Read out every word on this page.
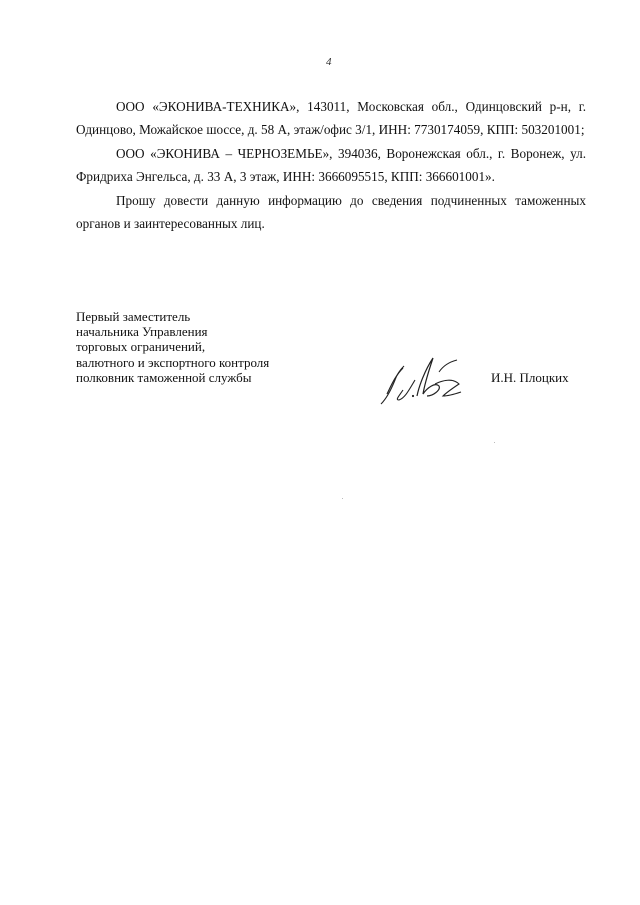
4

ООО «ЭКОНИВА-ТЕХНИКА», 143011, Московская обл., Одинцовский р-н, г. Одинцово, Можайское шоссе, д. 58 А, этаж/офис 3/1, ИНН: 7730174059, КПП: 503201001;

ООО «ЭКОНИВА – ЧЕРНОЗЕМЬЕ», 394036, Воронежская обл., г. Воронеж, ул. Фридриха Энгельса, д. 33 А, 3 этаж, ИНН: 3666095515, КПП: 366601001».

Прошу довести данную информацию до сведения подчиненных таможенных органов и заинтересованных лиц.

Первый заместитель
начальника Управления
торговых ограничений,
валютного и экспортного контроля
полковник таможенной службы	И.Н. Плоцких
